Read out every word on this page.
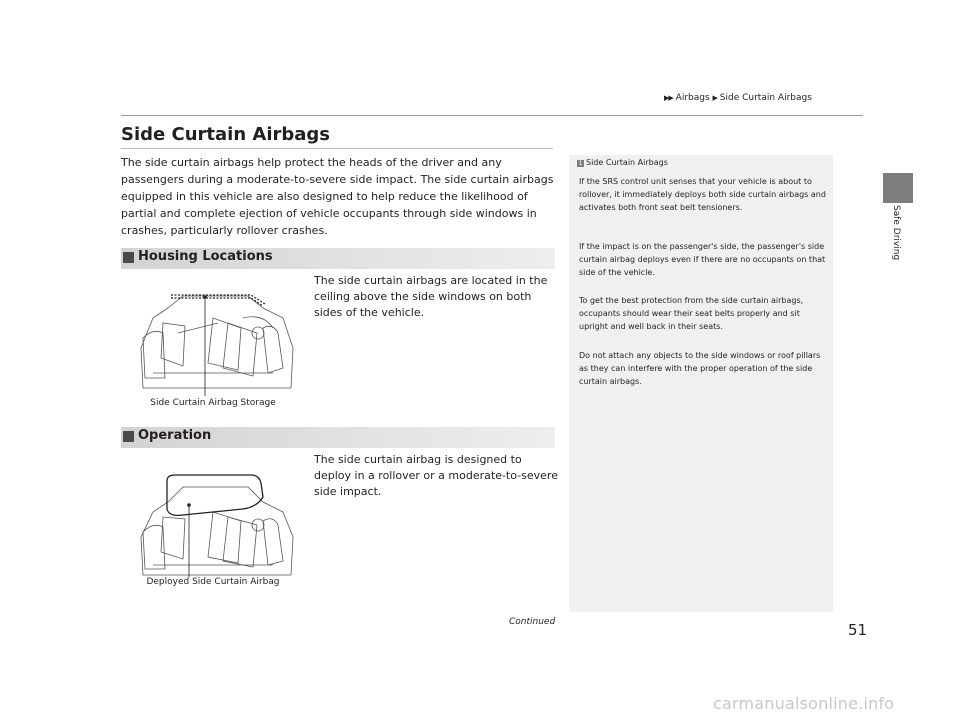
▶▶ Airbags ▶ Side Curtain Airbags
Safe Driving
Side Curtain Airbags

The side curtain airbags help protect the heads of the driver and any passengers during a moderate-to-severe side impact. The side curtain airbags equipped in this vehicle are also designed to help reduce the likelihood of partial and complete ejection of vehicle occupants through side windows in crashes, particularly rollover crashes.

Housing Locations

The side curtain airbags are located in the ceiling above the side windows on both sides of the vehicle.

Side Curtain Airbag Storage
Operation

The side curtain airbag is designed to deploy in a rollover or a moderate-to-severe side impact.

Deployed Side Curtain Airbag
1 Side Curtain Airbags

If the SRS control unit senses that your vehicle is about to rollover, it immediately deploys both side curtain airbags and activates both front seat belt tensioners.

If the impact is on the passenger's side, the passenger's side curtain airbag deploys even if there are no occupants on that side of the vehicle.

To get the best protection from the side curtain airbags, occupants should wear their seat belts properly and sit upright and well back in their seats.

Do not attach any objects to the side windows or roof pillars as they can interfere with the proper operation of the side curtain airbags.

Continued	51
carmanualsonline.info
